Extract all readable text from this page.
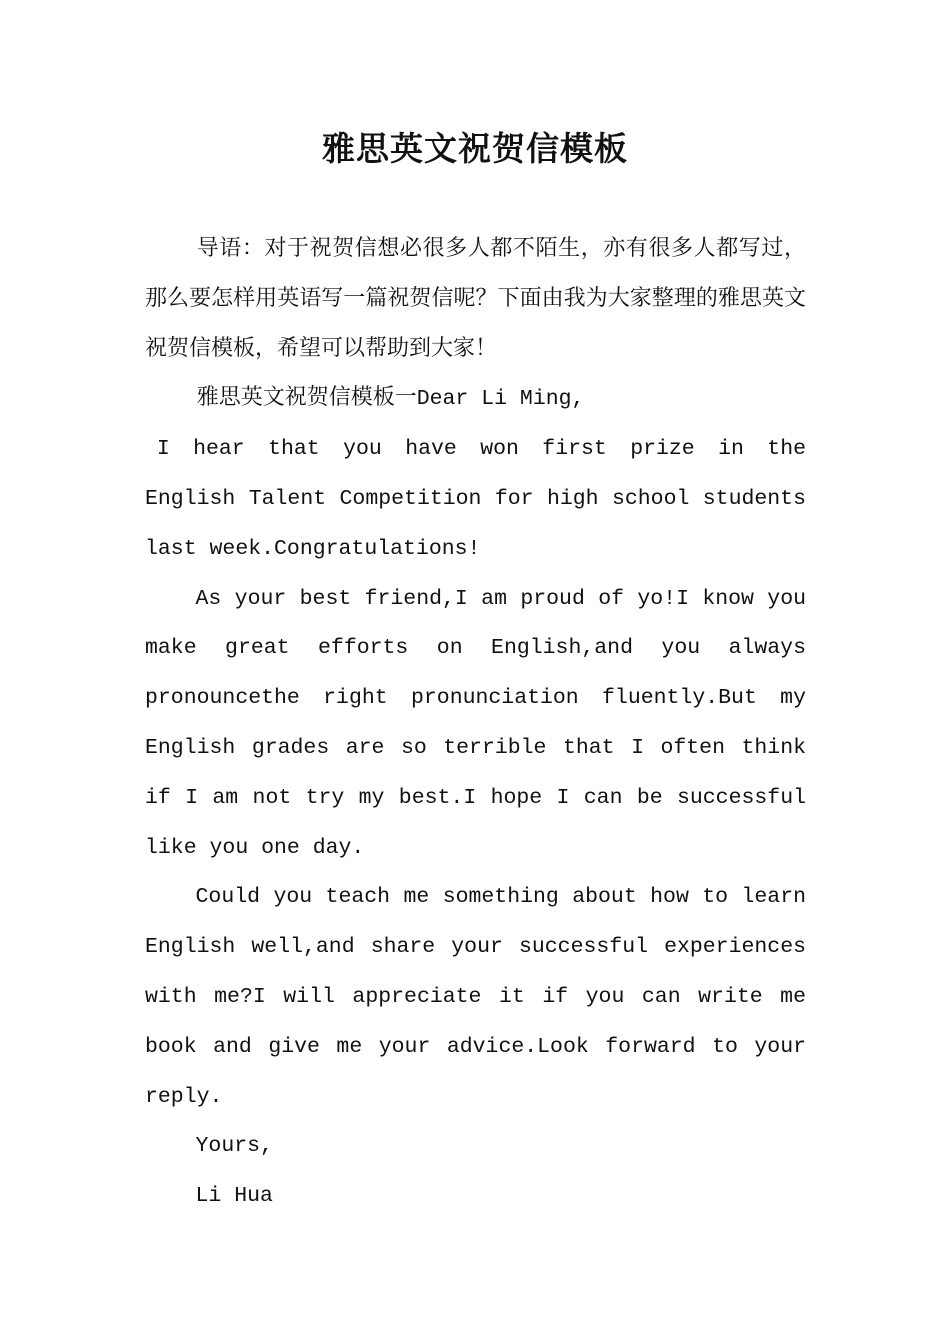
雅思英文祝贺信模板

导语：对于祝贺信想必很多人都不陌生，亦有很多人都写过，那么要怎样用英语写一篇祝贺信呢？下面由我为大家整理的雅思英文祝贺信模板，希望可以帮助到大家！

雅思英文祝贺信模板一Dear Li Ming,

I hear that you have won first prize in the English Talent Competition for high school students last week.Congratulations!

As your best friend,I am proud of yo!I know you make great efforts on English,and you always pronouncethe right pronunciation fluently.But my English grades are so terrible that I often think if I am not try my best.I hope I can be successful like you one day.

Could you teach me something about how to learn English well,and share your successful experiences with me?I will appreciate it if you can write me book and give me your advice.Look forward to your reply.

Yours,

Li Hua
